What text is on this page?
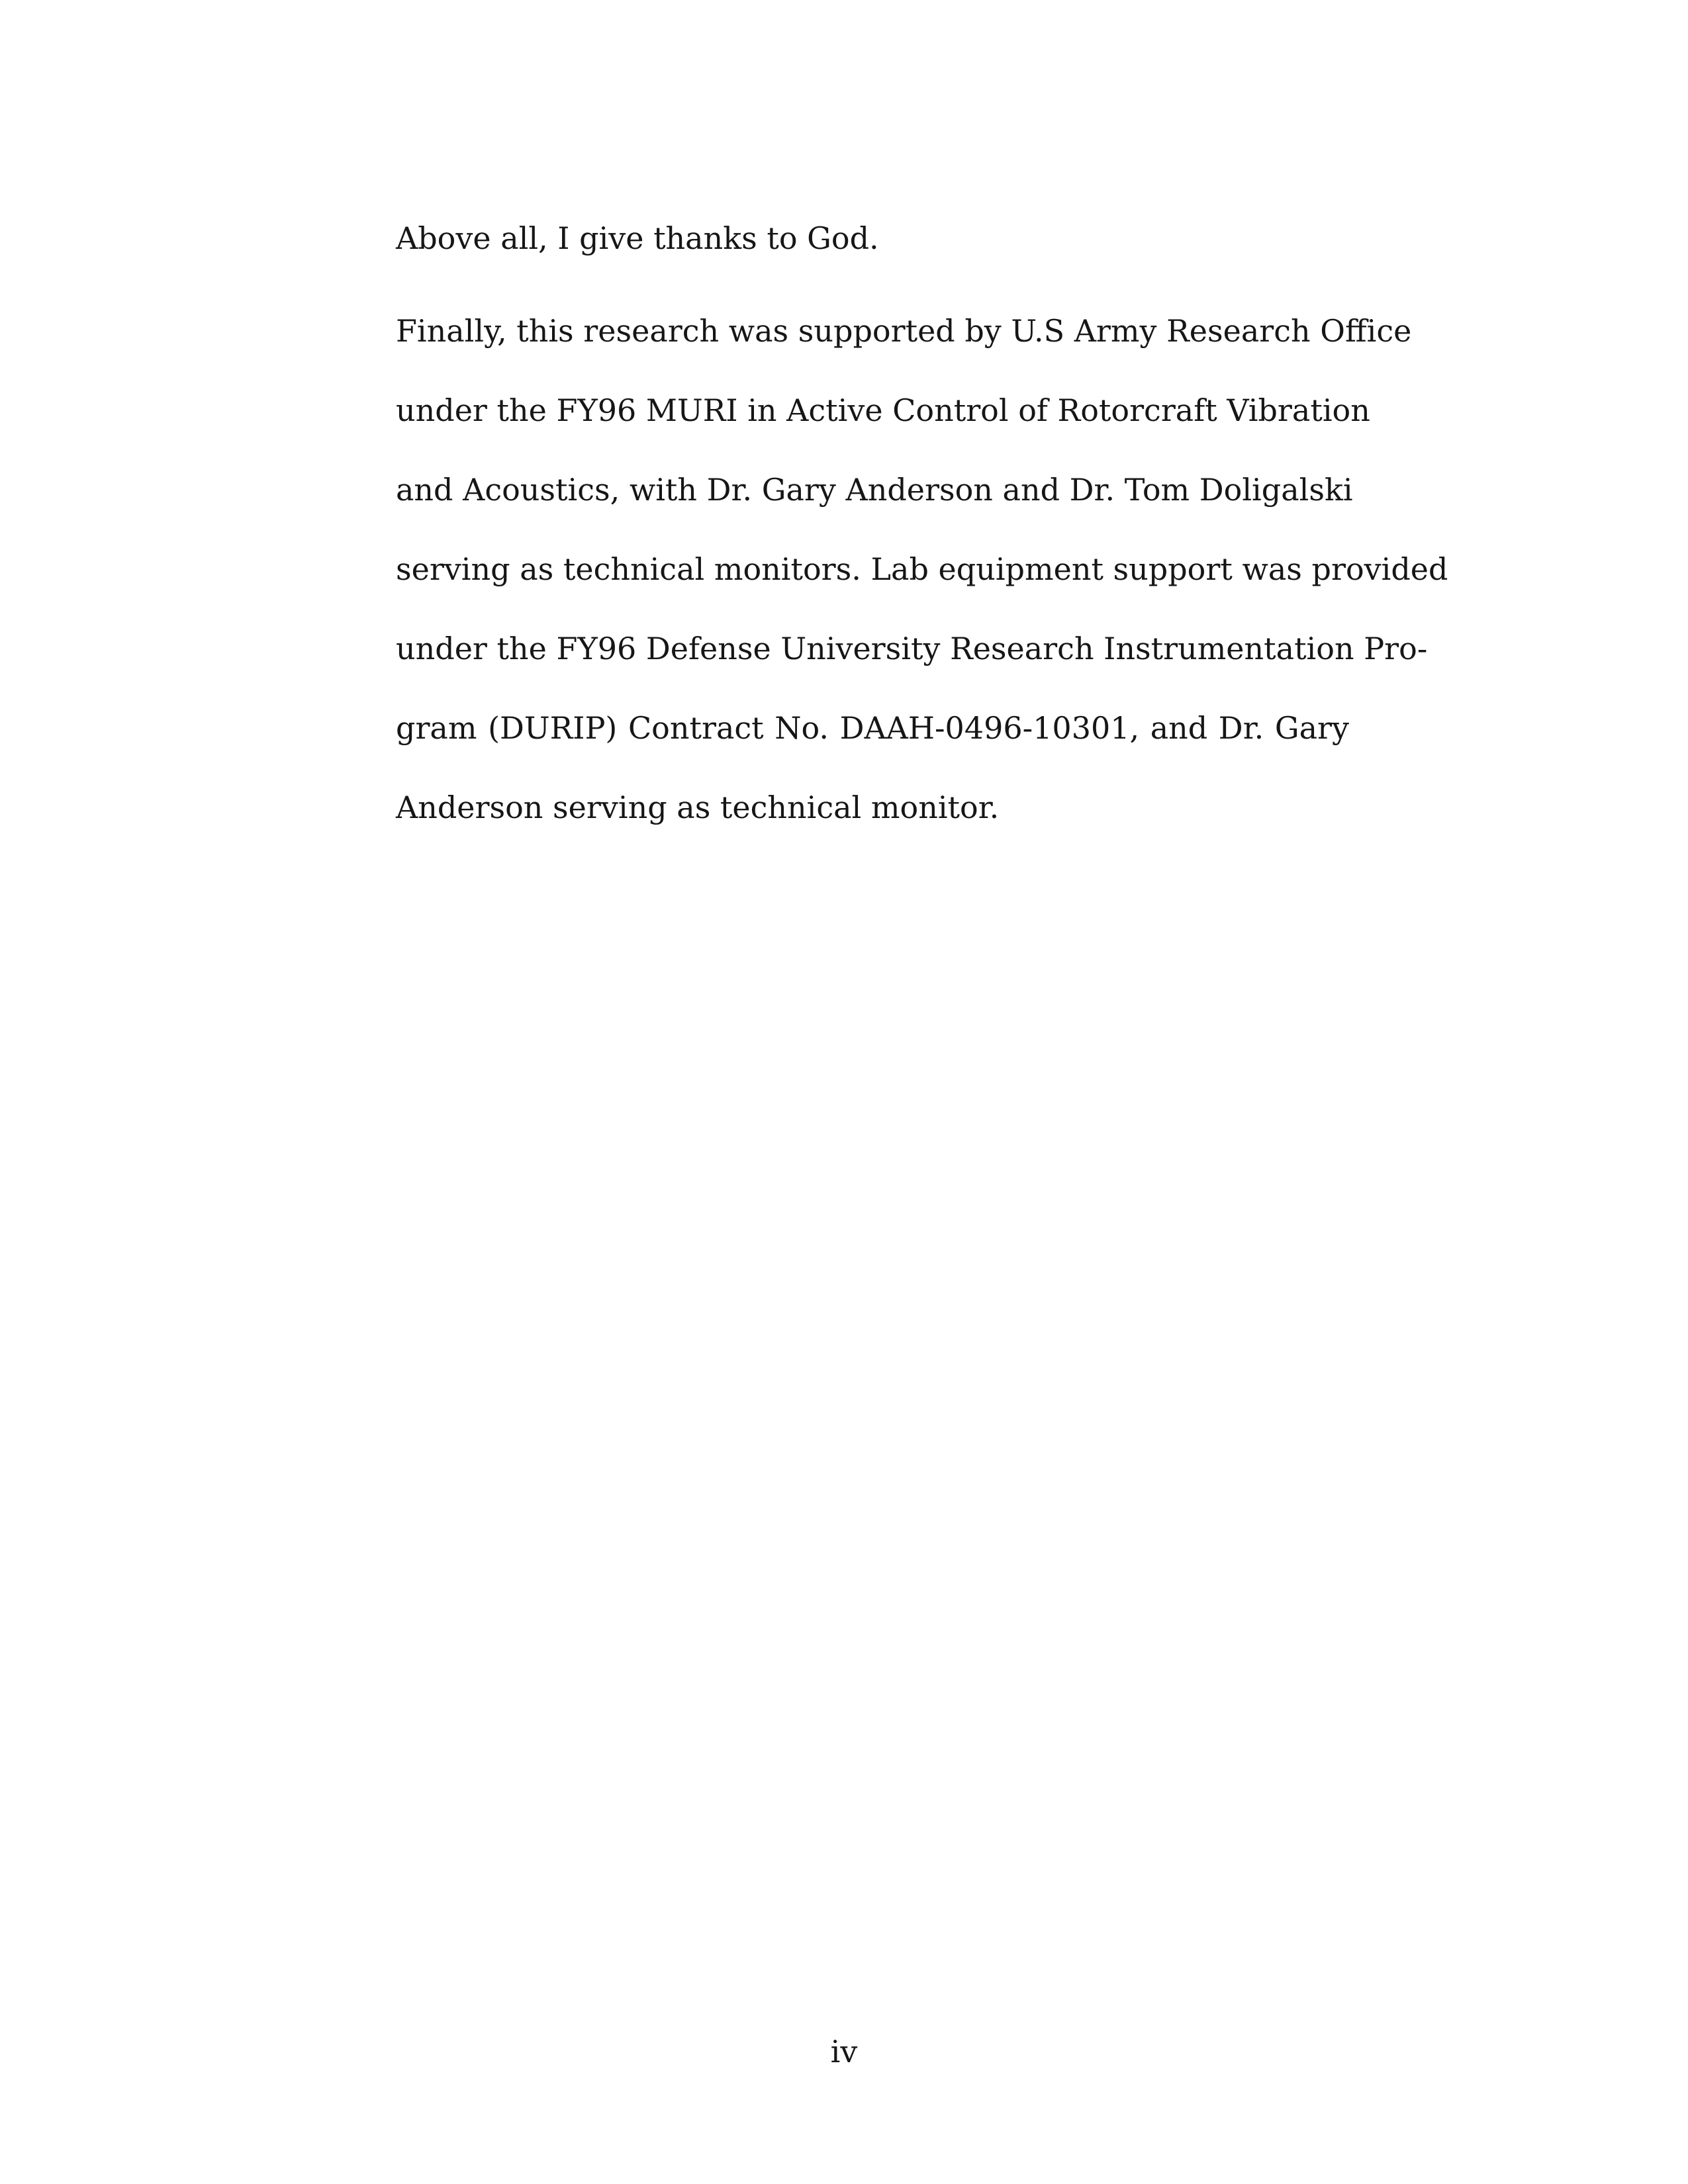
Above all, I give thanks to God.
Finally, this research was supported by U.S Army Research Office
under the FY96 MURI in Active Control of Rotorcraft Vibration
and Acoustics, with Dr. Gary Anderson and Dr. Tom Doligalski
serving as technical monitors. Lab equipment support was provided
under the FY96 Defense University Research Instrumentation Pro-
gram (DURIP) Contract No. DAAH-0496-10301, and Dr. Gary
Anderson serving as technical monitor.
iv
